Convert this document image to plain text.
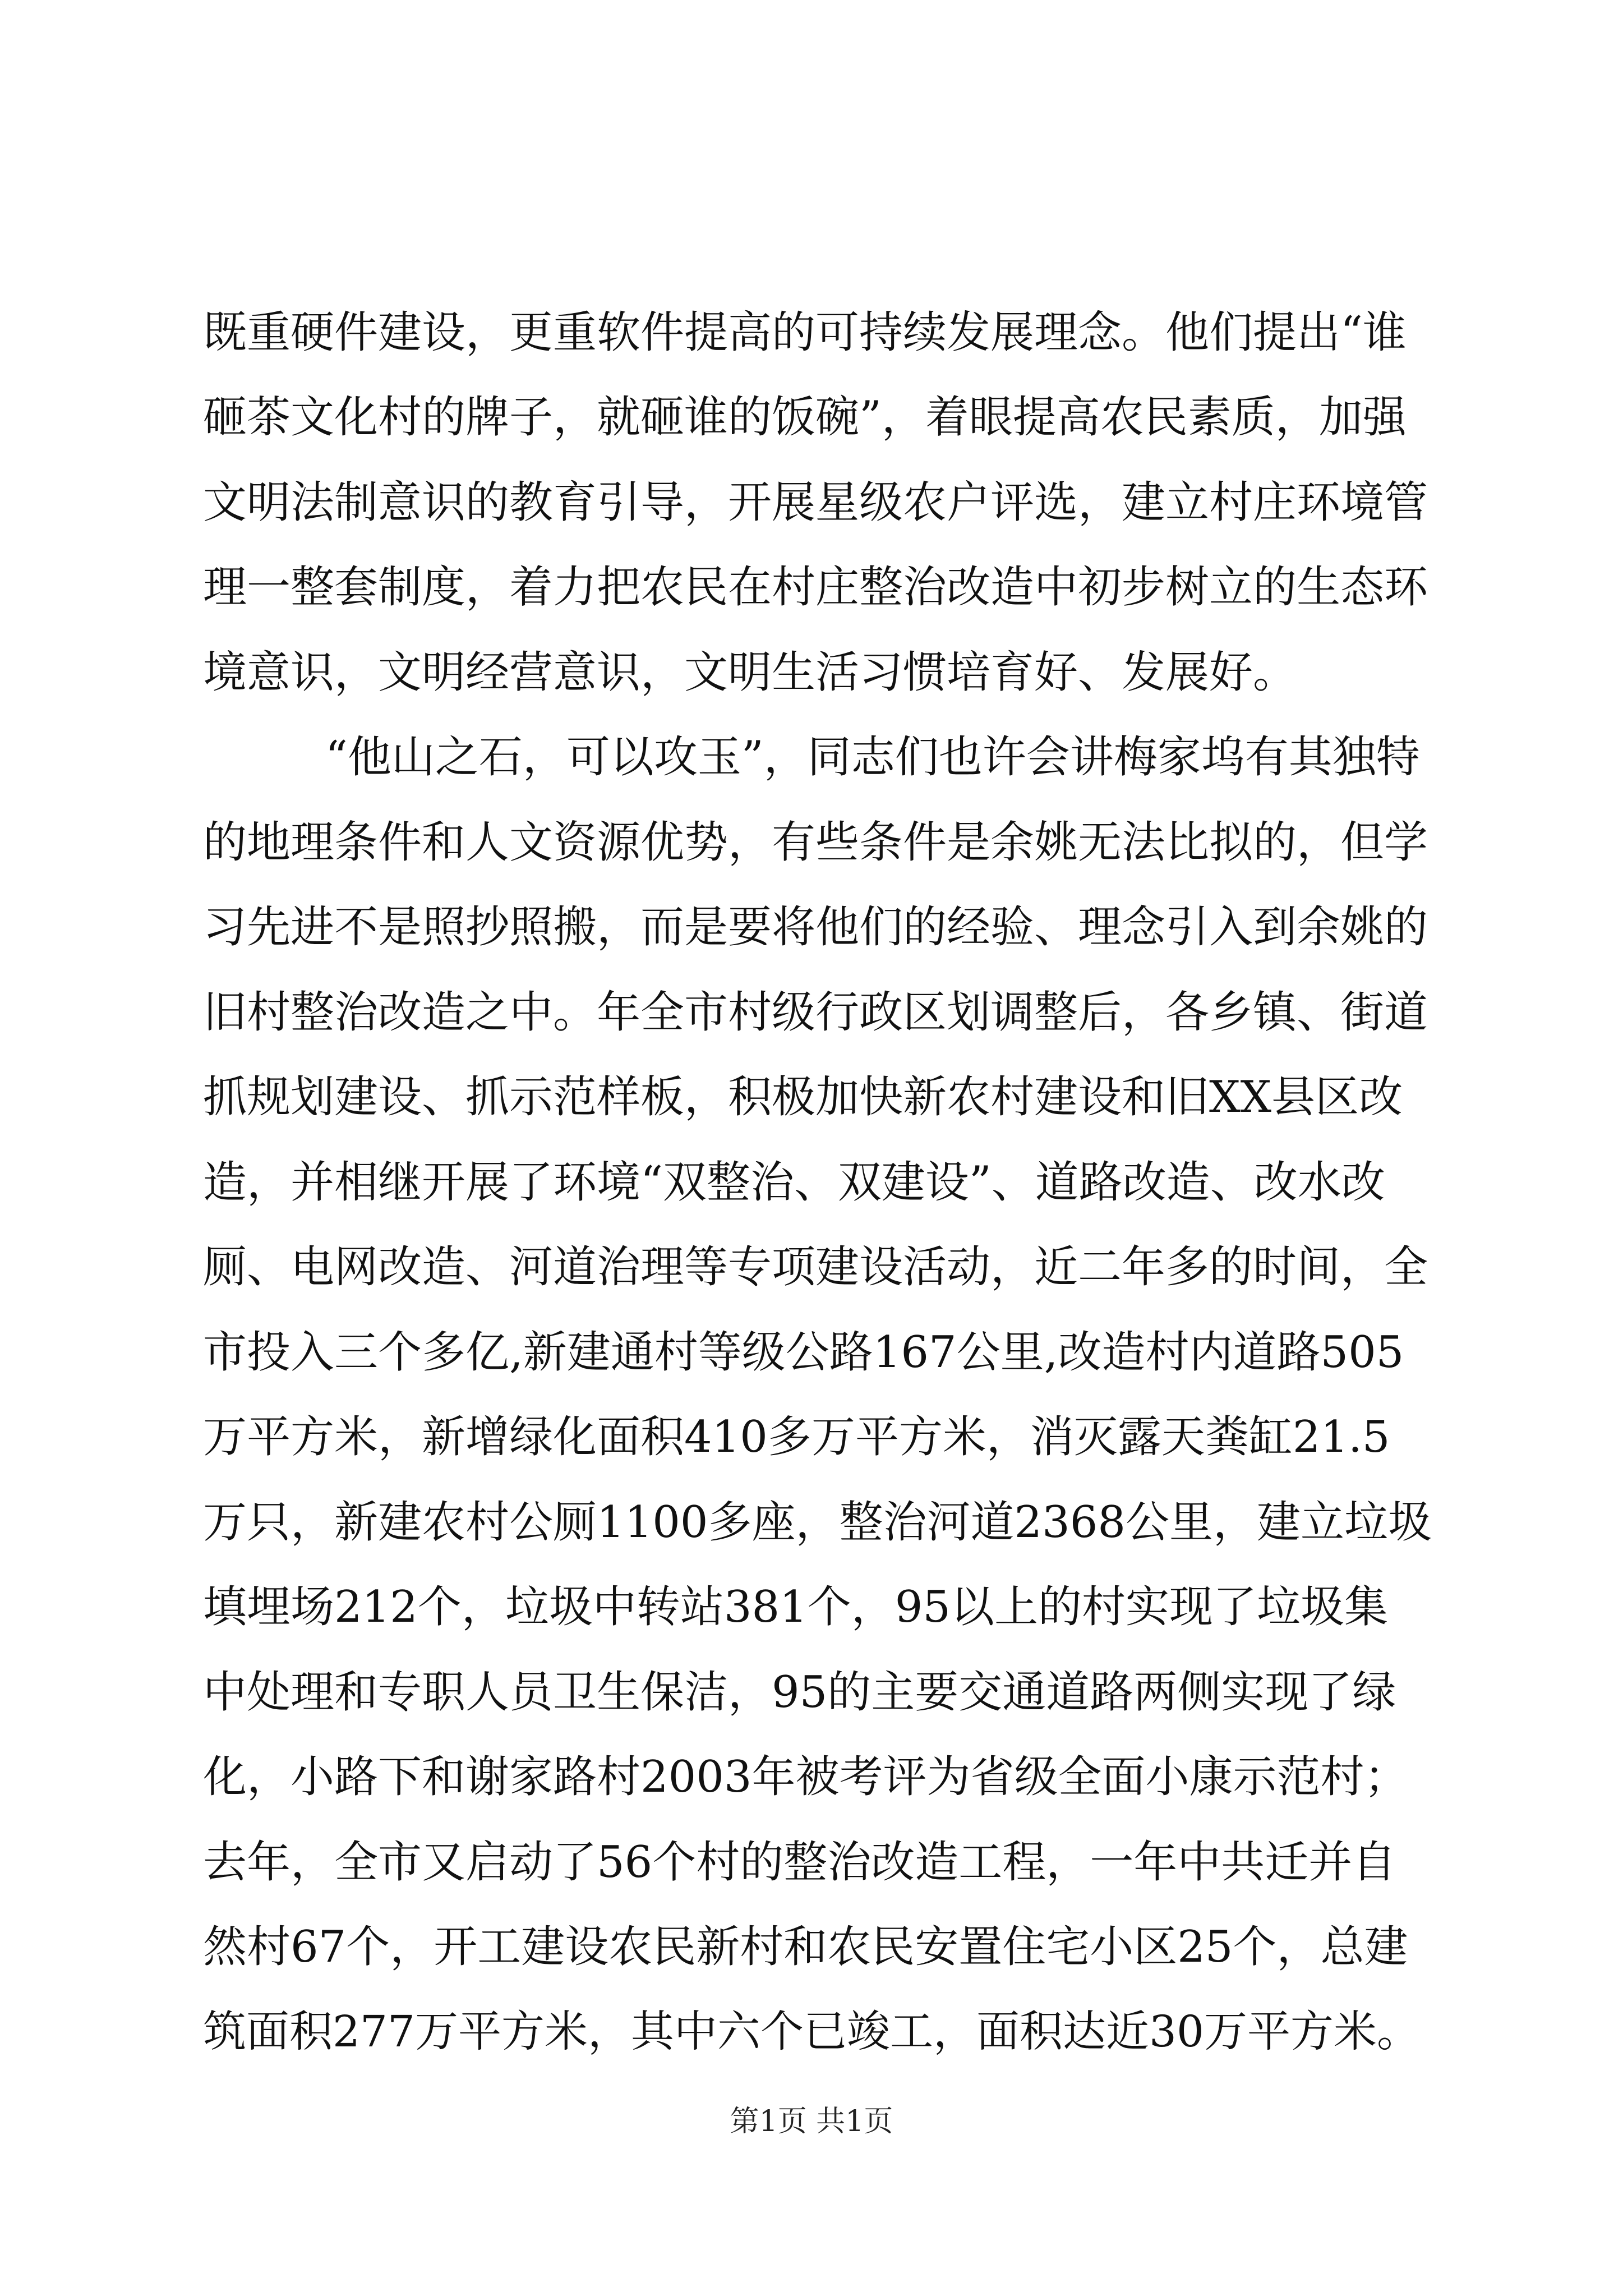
既重硬件建设，更重软件提高的可持续发展理念。他们提出“谁
砸茶文化村的牌子，就砸谁的饭碗”，着眼提高农民素质，加强
文明法制意识的教育引导，开展星级农户评选，建立村庄环境管
理一整套制度，着力把农民在村庄整治改造中初步树立的生态环
境意识，文明经营意识，文明生活习惯培育好、发展好。
“他山之石，可以攻玉”，同志们也许会讲梅家坞有其独特
的地理条件和人文资源优势，有些条件是余姚无法比拟的，但学
习先进不是照抄照搬，而是要将他们的经验、理念引入到余姚的
旧村整治改造之中。年全市村级行政区划调整后，各乡镇、街道
抓规划建设、抓示范样板，积极加快新农村建设和旧XX县区改
造，并相继开展了环境“双整治、双建设”、道路改造、改水改
厕、电网改造、河道治理等专项建设活动，近二年多的时间，全
市投入三个多亿,新建通村等级公路167公里,改造村内道路505
万平方米，新增绿化面积410多万平方米，消灭露天粪缸21.5
万只，新建农村公厕1100多座，整治河道2368公里，建立垃圾
填埋场212个，垃圾中转站381个，95以上的村实现了垃圾集
中处理和专职人员卫生保洁，95的主要交通道路两侧实现了绿
化，小路下和谢家路村2003年被考评为省级全面小康示范村；
去年，全市又启动了56个村的整治改造工程，一年中共迁并自
然村67个，开工建设农民新村和农民安置住宅小区25个，总建
筑面积277万平方米，其中六个已竣工，面积达近30万平方米。
第1页 共1页
